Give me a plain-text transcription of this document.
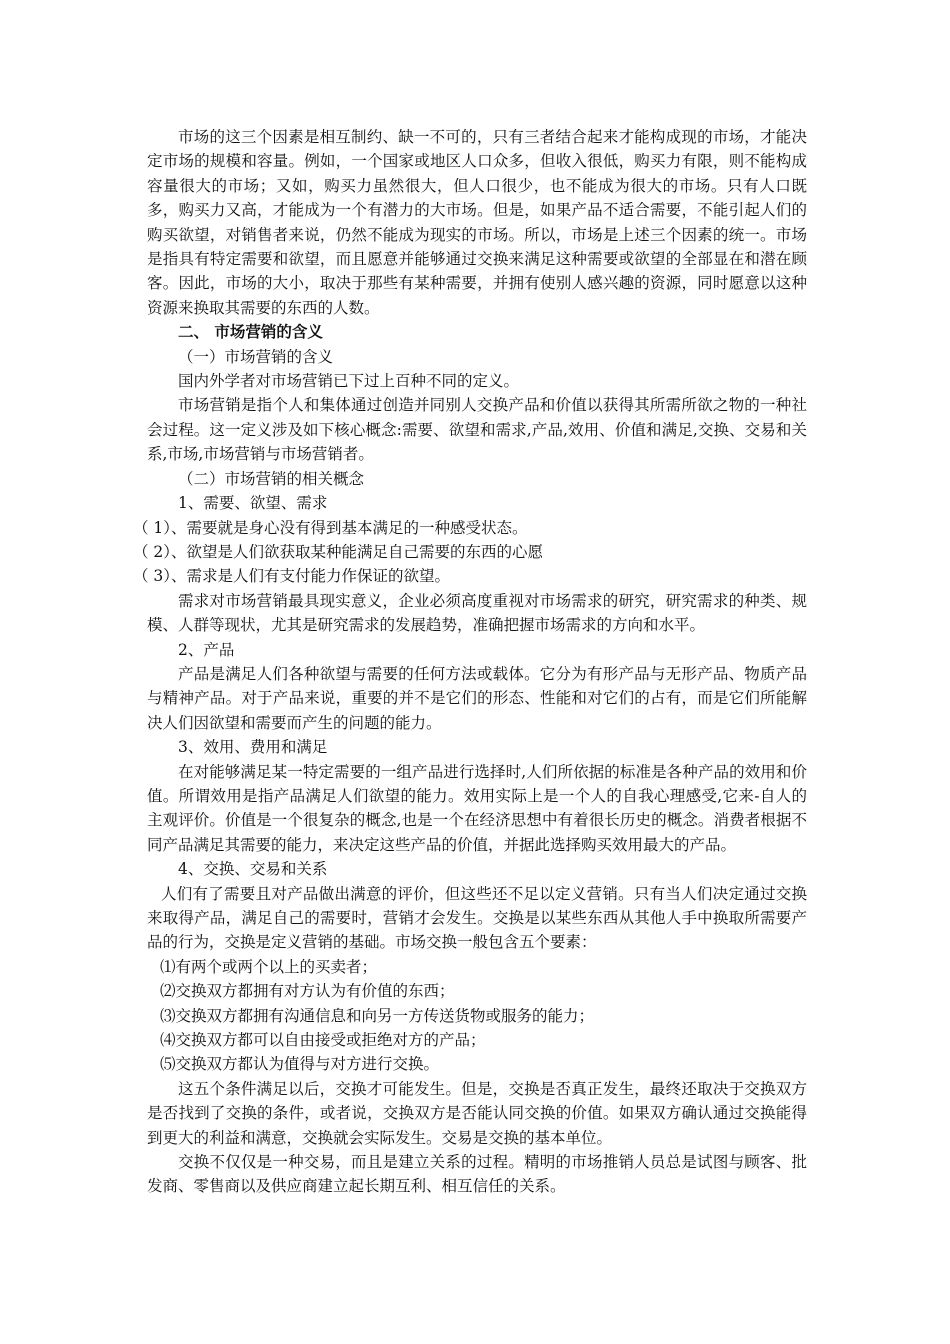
市场的这三个因素是相互制约、缺一不可的，只有三者结合起来才能构成现的市场，才能决定市场的规模和容量。例如，一个国家或地区人口众多，但收入很低，购买力有限，则不能构成容量很大的市场；又如，购买力虽然很大，但人口很少，也不能成为很大的市场。只有人口既多，购买力又高，才能成为一个有潜力的大市场。但是，如果产品不适合需要，不能引起人们的购买欲望，对销售者来说，仍然不能成为现实的市场。所以，市场是上述三个因素的统一。市场是指具有特定需要和欲望，而且愿意并能够通过交换来满足这种需要或欲望的全部显在和潜在顾客。因此，市场的大小，取决于那些有某种需要，并拥有使别人感兴趣的资源，同时愿意以这种资源来换取其需要的东西的人数。

二、 市场营销的含义

（一）市场营销的含义

国内外学者对市场营销已下过上百种不同的定义。

市场营销是指个人和集体通过创造并同别人交换产品和价值以获得其所需所欲之物的一种社会过程。这一定义涉及如下核心概念:需要、欲望和需求,产品,效用、价值和满足,交换、交易和关系,市场,市场营销与市场营销者。

（二）市场营销的相关概念

1、需要、欲望、需求

（ 1）、需要就是身心没有得到基本满足的一种感受状态。

（ 2）、欲望是人们欲获取某种能满足自己需要的东西的心愿

（ 3）、需求是人们有支付能力作保证的欲望。

需求对市场营销最具现实意义，企业必须高度重视对市场需求的研究，研究需求的种类、规模、人群等现状，尤其是研究需求的发展趋势，准确把握市场需求的方向和水平。

2、产品

产品是满足人们各种欲望与需要的任何方法或载体。它分为有形产品与无形产品、物质产品与精神产品。对于产品来说，重要的并不是它们的形态、性能和对它们的占有，而是它们所能解决人们因欲望和需要而产生的问题的能力。

3、效用、费用和满足

在对能够满足某一特定需要的一组产品进行选择时,人们所依据的标准是各种产品的效用和价值。所谓效用是指产品满足人们欲望的能力。效用实际上是一个人的自我心理感受,它来-自人的主观评价。价值是一个很复杂的概念,也是一个在经济思想中有着很长历史的概念。消费者根据不同产品满足其需要的能力，来决定这些产品的价值，并据此选择购买效用最大的产品。

4、交换、交易和关系

人们有了需要且对产品做出满意的评价，但这些还不足以定义营销。只有当人们决定通过交换来取得产品，满足自己的需要时，营销才会发生。交换是以某些东西从其他人手中换取所需要产品的行为，交换是定义营销的基础。市场交换一般包含五个要素：

⑴有两个或两个以上的买卖者；

⑵交换双方都拥有对方认为有价值的东西；

⑶交换双方都拥有沟通信息和向另一方传送货物或服务的能力；

⑷交换双方都可以自由接受或拒绝对方的产品；

⑸交换双方都认为值得与对方进行交换。

这五个条件满足以后，交换才可能发生。但是，交换是否真正发生，最终还取决于交换双方是否找到了交换的条件，或者说，交换双方是否能认同交换的价值。如果双方确认通过交换能得到更大的利益和满意，交换就会实际发生。交易是交换的基本单位。

交换不仅仅是一种交易，而且是建立关系的过程。精明的市场推销人员总是试图与顾客、批发商、零售商以及供应商建立起长期互利、相互信任的关系。
